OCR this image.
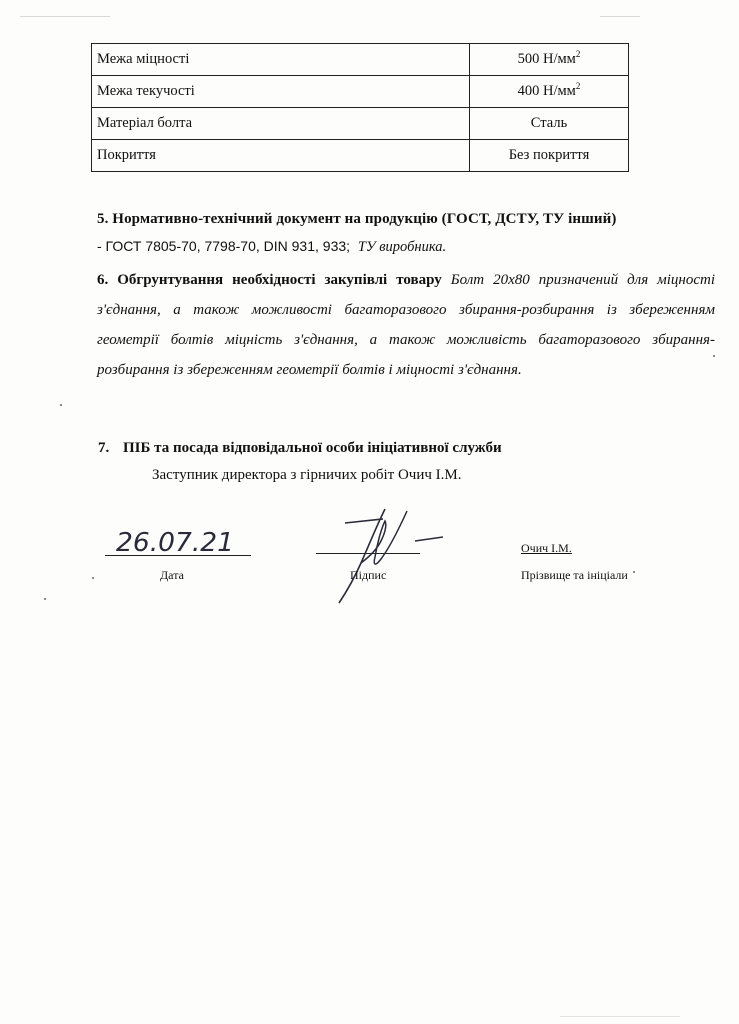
Межа міцності	500 $Н/мм^2$
Межа текучості	400 $Н/мм^2$
Матеріал болта	Сталь
Покриття	Без покриття
5. Нормативно-технічний документ на продукцію (ГОСТ, ДСТУ, ТУ інший)
- ГОСТ 7805-70, 7798-70, DIN 931, 933; ТУ виробника.
6. Обгрунтування необхідності закупівлі товару Болт 20х80 призначений для міцності з'єднання, а також можливості багаторазового збирання-розбирання із збереженням геометрії болтів міцність з'єднання, а також можливість багаторазового збирання-розбирання із збереженням геометрії болтів і міцності з'єднання.
7. ПІБ та посада відповідальної особи ініціативної служби
Заступник директора з гірничих робіт Очич І.М.
26.07.21
Дата	Підпис
Очич І.М.
Прізвище та ініціали
